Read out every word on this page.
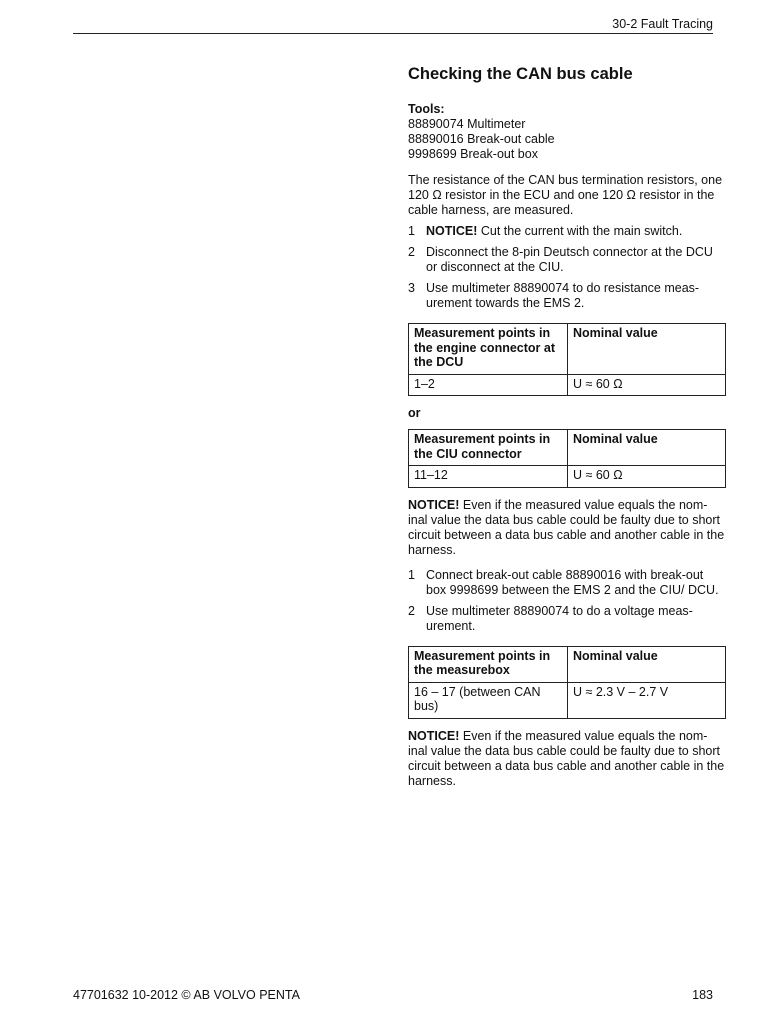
30-2 Fault Tracing
Checking the CAN bus cable
Tools:
88890074 Multimeter
88890016 Break-out cable
9998699 Break-out box

The resistance of the CAN bus termination resistors, one 120 Ω resistor in the ECU and one 120 Ω resistor in the cable harness, are measured.

1 NOTICE! Cut the current with the main switch.
2 Disconnect the 8-pin Deutsch connector at the DCU or disconnect at the CIU.
3 Use multimeter 88890074 to do resistance meas-urement towards the EMS 2.
Measurement points in the engine connector at the DCU	Nominal value
1–2	U ≈ 60 Ω

or

Measurement points in the CIU connector	Nominal value
11–12	U ≈ 60 Ω

NOTICE! Even if the measured value equals the nom-inal value the data bus cable could be faulty due to short circuit between a data bus cable and another cable in the harness.

1 Connect break-out cable 88890016 with break-out box 9998699 between the EMS 2 and the CIU/ DCU.
2 Use multimeter 88890074 to do a voltage meas-urement.
Measurement points in the measurebox	Nominal value
16 – 17 (between CAN bus)	U ≈ 2.3 V – 2.7 V

NOTICE! Even if the measured value equals the nom-inal value the data bus cable could be faulty due to short circuit between a data bus cable and another cable in the harness.

47701632 10-2012 © AB VOLVO PENTA	183
